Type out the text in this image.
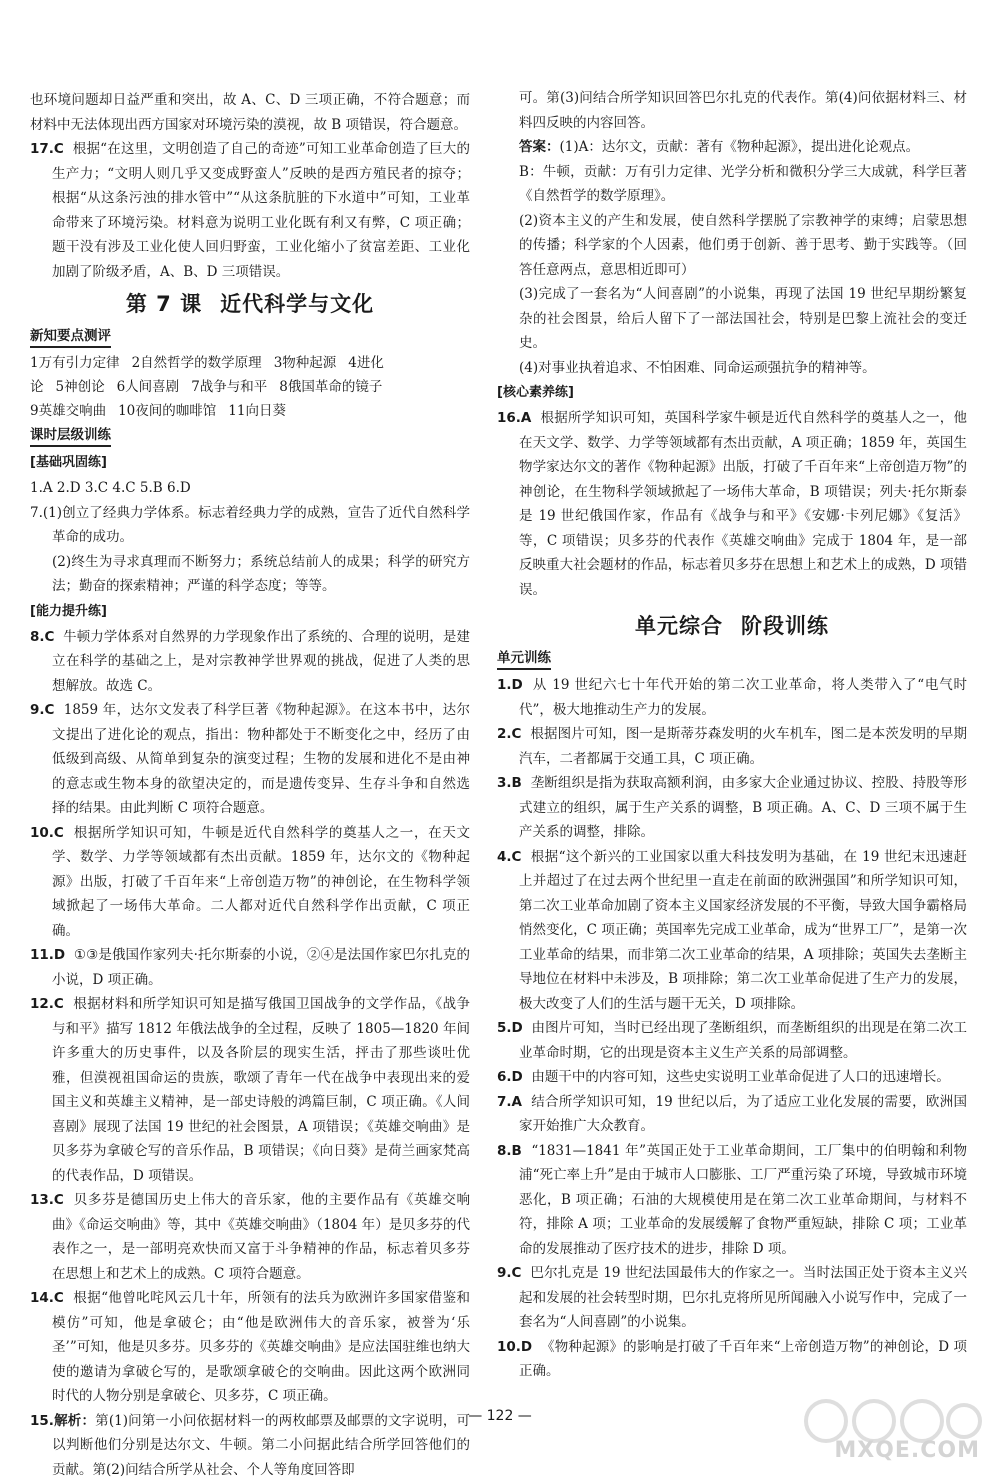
也环境问题却日益严重和突出，故 A、C、D 三项正确，不符合题意；而材料中无法体现出西方国家对环境污染的漠视，故 B 项错误，符合题意。

17.C 根据“在这里，文明创造了自己的奇迹”可知工业革命创造了巨大的生产力；“文明人则几乎又变成野蛮人”反映的是西方殖民者的掠夺；根据“从这条污浊的排水管中”“从这条肮脏的下水道中”可知，工业革命带来了环境污染。材料意为说明工业化既有利又有弊，C 项正确；题干没有涉及工业化使人回归野蛮，工业化缩小了贫富差距、工业化加剧了阶级矛盾，A、B、D 三项错误。

第 7 课 近代科学与文化
新知要点测评
1万有引力定律 2自然哲学的数学原理 3物种起源 4进化
论 5神创论 6人间喜剧 7战争与和平 8俄国革命的镜子
9英雄交响曲 10夜间的咖啡馆 11向日葵
课时层级训练
[基础巩固练]

1.A 2.D 3.C 4.C 5.B 6.D

7.(1)创立了经典力学体系。标志着经典力学的成熟，宣告了近代自然科学革命的成功。

(2)终生为寻求真理而不断努力；系统总结前人的成果；科学的研究方法；勤奋的探索精神；严谨的科学态度；等等。

[能力提升练]

8.C 牛顿力学体系对自然界的力学现象作出了系统的、合理的说明，是建立在科学的基础之上，是对宗教神学世界观的挑战，促进了人类的思想解放。故选 C。

9.C 1859 年，达尔文发表了科学巨著《物种起源》。在这本书中，达尔文提出了进化论的观点，指出：物种都处于不断变化之中，经历了由低级到高级、从简单到复杂的演变过程；生物的发展和进化不是由神的意志或生物本身的欲望决定的，而是遗传变异、生存斗争和自然选择的结果。由此判断 C 项符合题意。

10.C 根据所学知识可知，牛顿是近代自然科学的奠基人之一，在天文学、数学、力学等领域都有杰出贡献。1859 年，达尔文的《物种起源》出版，打破了千百年来“上帝创造万物”的神创论，在生物科学领域掀起了一场伟大革命。二人都对近代自然科学作出贡献，C 项正确。

11.D ①③是俄国作家列夫·托尔斯泰的小说，②④是法国作家巴尔扎克的小说，D 项正确。

12.C 根据材料和所学知识可知是描写俄国卫国战争的文学作品，《战争与和平》描写 1812 年俄法战争的全过程，反映了 1805—1820 年间许多重大的历史事件，以及各阶层的现实生活，抨击了那些谈吐优雅，但漠视祖国命运的贵族，歌颂了青年一代在战争中表现出来的爱国主义和英雄主义精神，是一部史诗般的鸿篇巨制，C 项正确。《人间喜剧》展现了法国 19 世纪的社会图景，A 项错误；《英雄交响曲》是贝多芬为拿破仑写的音乐作品，B 项错误；《向日葵》是荷兰画家梵高的代表作品，D 项错误。

13.C 贝多芬是德国历史上伟大的音乐家，他的主要作品有《英雄交响曲》《命运交响曲》等，其中《英雄交响曲》（1804 年）是贝多芬的代表作之一，是一部明亮欢快而又富于斗争精神的作品，标志着贝多芬在思想上和艺术上的成熟。C 项符合题意。

14.C 根据“他曾叱咤风云几十年，所领有的法兵为欧洲许多国家借鉴和模仿”可知，他是拿破仑；由“他是欧洲伟大的音乐家，被誉为‘乐圣’”可知，他是贝多芬。贝多芬的《英雄交响曲》是应法国驻维也纳大使的邀请为拿破仑写的，是歌颂拿破仑的交响曲。因此这两个欧洲同时代的人物分别是拿破仑、贝多芬，C 项正确。

15.解析：第(1)问第一小问依据材料一的两枚邮票及邮票的文字说明，可以判断他们分别是达尔文、牛顿。第二小问据此结合所学回答他们的贡献。第(2)问结合所学从社会、个人等角度回答即

可。第(3)问结合所学知识回答巴尔扎克的代表作。第(4)问依据材料三、材料四反映的内容回答。

答案：(1)A：达尔文，贡献：著有《物种起源》，提出进化论观点。

B：牛顿，贡献：万有引力定律、光学分析和微积分学三大成就，科学巨著《自然哲学的数学原理》。

(2)资本主义的产生和发展，使自然科学摆脱了宗教神学的束缚；启蒙思想的传播；科学家的个人因素，他们勇于创新、善于思考、勤于实践等。（回答任意两点，意思相近即可）

(3)完成了一套名为“人间喜剧”的小说集，再现了法国 19 世纪早期纷繁复杂的社会图景，给后人留下了一部法国社会，特别是巴黎上流社会的变迁史。

(4)对事业执着追求、不怕困难、同命运顽强抗争的精神等。

[核心素养练]

16.A 根据所学知识可知，英国科学家牛顿是近代自然科学的奠基人之一，他在天文学、数学、力学等领域都有杰出贡献，A 项正确；1859 年，英国生物学家达尔文的著作《物种起源》出版，打破了千百年来“上帝创造万物”的神创论，在生物科学领域掀起了一场伟大革命，B 项错误；列夫·托尔斯泰是 19 世纪俄国作家，作品有《战争与和平》《安娜·卡列尼娜》《复活》等，C 项错误；贝多芬的代表作《英雄交响曲》完成于 1804 年，是一部反映重大社会题材的作品，标志着贝多芬在思想上和艺术上的成熟，D 项错误。

单元综合 阶段训练
单元训练

1.D 从 19 世纪六七十年代开始的第二次工业革命，将人类带入了“电气时代”，极大地推动生产力的发展。

2.C 根据图片可知，图一是斯蒂芬森发明的火车机车，图二是本茨发明的早期汽车，二者都属于交通工具，C 项正确。

3.B 垄断组织是指为获取高额利润，由多家大企业通过协议、控股、持股等形式建立的组织，属于生产关系的调整，B 项正确。A、C、D 三项不属于生产关系的调整，排除。

4.C 根据“这个新兴的工业国家以重大科技发明为基础，在 19 世纪末迅速赶上并超过了在过去两个世纪里一直走在前面的欧洲强国”和所学知识可知，第二次工业革命加剧了资本主义国家经济发展的不平衡，导致大国争霸格局悄然变化，C 项正确；英国率先完成工业革命，成为“世界工厂”，是第一次工业革命的结果，而非第二次工业革命的结果，A 项排除；英国失去垄断主导地位在材料中未涉及，B 项排除；第二次工业革命促进了生产力的发展，极大改变了人们的生活与题干无关，D 项排除。

5.D 由图片可知，当时已经出现了垄断组织，而垄断组织的出现是在第二次工业革命时期，它的出现是资本主义生产关系的局部调整。

6.D 由题干中的内容可知，这些史实说明工业革命促进了人口的迅速增长。

7.A 结合所学知识可知，19 世纪以后，为了适应工业化发展的需要，欧洲国家开始推广大众教育。

8.B “1831—1841 年”英国正处于工业革命期间，工厂集中的伯明翰和利物浦“死亡率上升”是由于城市人口膨胀、工厂严重污染了环境，导致城市环境恶化，B 项正确；石油的大规模使用是在第二次工业革命期间，与材料不符，排除 A 项；工业革命的发展缓解了食物严重短缺，排除 C 项；工业革命的发展推动了医疗技术的进步，排除 D 项。

9.C 巴尔扎克是 19 世纪法国最伟大的作家之一。当时法国正处于资本主义兴起和发展的社会转型时期，巴尔扎克将所见所闻融入小说写作中，完成了一套名为“人间喜剧”的小说集。

10.D 《物种起源》的影响是打破了千百年来“上帝创造万物”的神创论，D 项正确。

— 122 —
MXQE.COM
